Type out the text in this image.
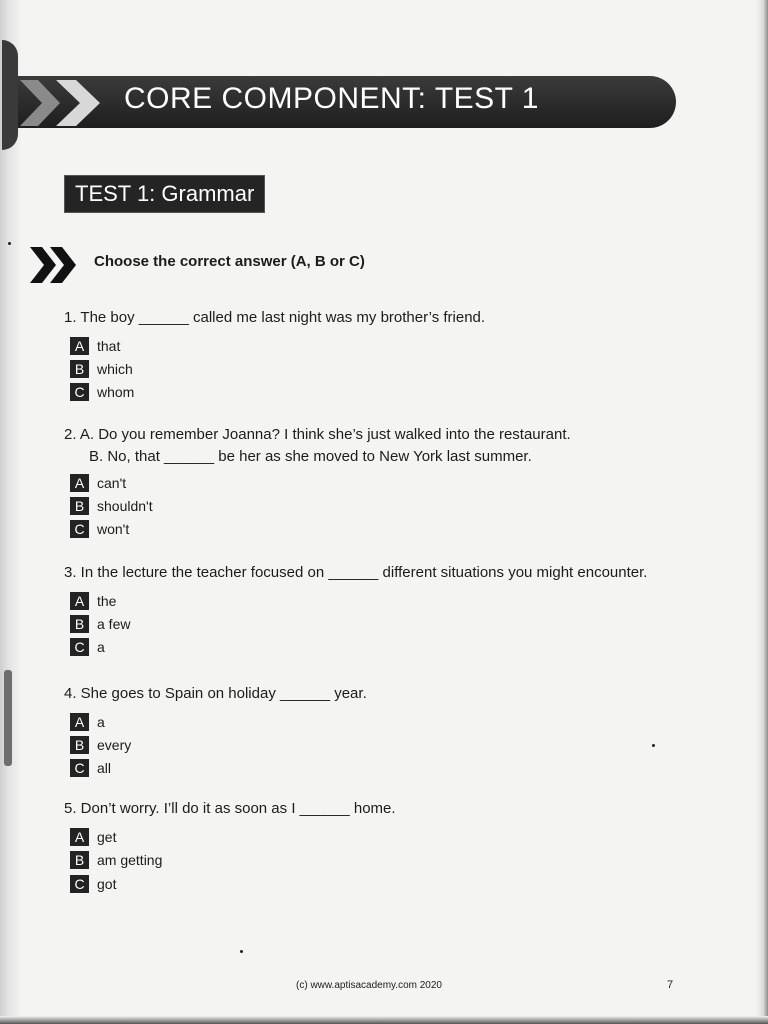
CORE COMPONENT: TEST 1
TEST 1: Grammar
Choose the correct answer (A, B or C)
1. The boy ______ called me last night was my brother’s friend.
A that
B which
C whom
2. A. Do you remember Joanna? I think she’s just walked into the restaurant.
B. No, that ______ be her as she moved to New York last summer.
A can't
B shouldn't
C won't
3. In the lecture the teacher focused on ______ different situations you might encounter.
A the
B a few
C a
4. She goes to Spain on holiday ______ year.
A a
B every
C all
5. Don’t worry. I’ll do it as soon as I ______ home.
A get
B am getting
C got
(c) www.aptisacademy.com 2020	7
